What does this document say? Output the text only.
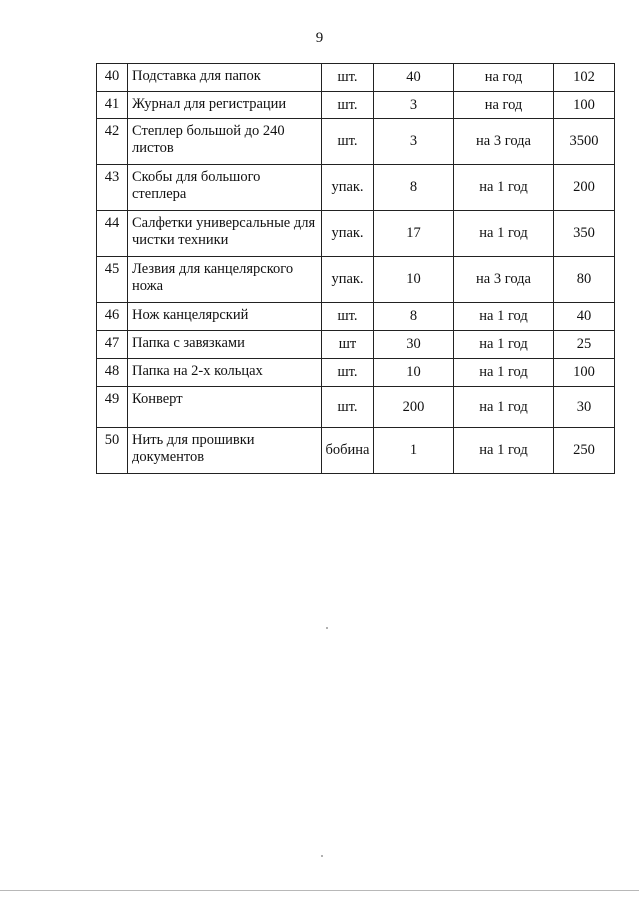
9
40	Подставка для папок	шт.	40	на год	102
41	Журнал для регистрации	шт.	3	на год	100
42	Степлер большой до 240 листов	шт.	3	на 3 года	3500
43	Скобы для большого степлера	упак.	8	на 1 год	200
44	Салфетки универсальные для чистки техники	упак.	17	на 1 год	350
45	Лезвия для канцелярского ножа	упак.	10	на 3 года	80
46	Нож канцелярский	шт.	8	на 1 год	40
47	Папка с завязками	шт	30	на 1 год	25
48	Папка на 2-х кольцах	шт.	10	на 1 год	100
49	Конверт	шт.	200	на 1 год	30
50	Нить для прошивки документов	бобина	1	на 1 год	250
